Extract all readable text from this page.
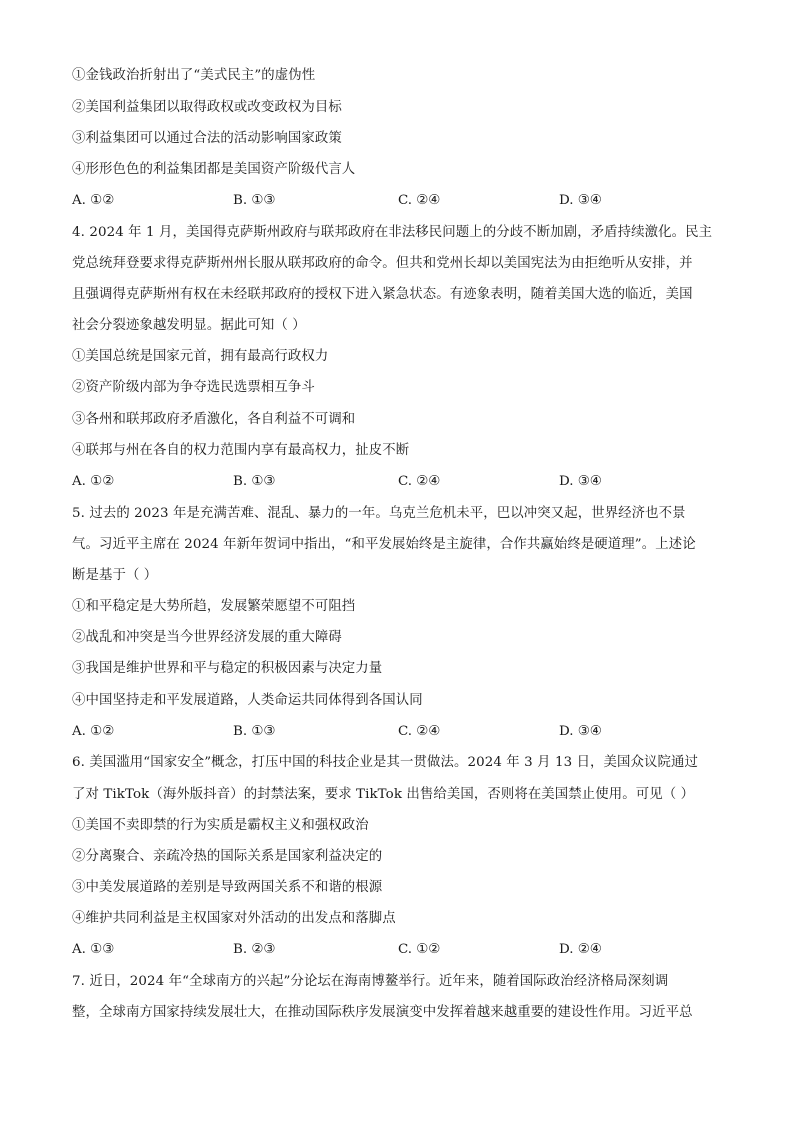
①金钱政治折射出了“美式民主”的虚伪性
②美国利益集团以取得政权或改变政权为目标
③利益集团可以通过合法的活动影响国家政策
④形形色色的利益集团都是美国资产阶级代言人
A. ①②	B. ①③	C. ②④	D. ③④
4. 2024 年 1 月，美国得克萨斯州政府与联邦政府在非法移民问题上的分歧不断加剧，矛盾持续激化。民主
党总统拜登要求得克萨斯州州长服从联邦政府的命令。但共和党州长却以美国宪法为由拒绝听从安排，并
且强调得克萨斯州有权在未经联邦政府的授权下进入紧急状态。有迹象表明，随着美国大选的临近，美国
社会分裂迹象越发明显。据此可知（ ）
①美国总统是国家元首，拥有最高行政权力
②资产阶级内部为争夺选民选票相互争斗
③各州和联邦政府矛盾激化，各自利益不可调和
④联邦与州在各自的权力范围内享有最高权力，扯皮不断
A. ①②	B. ①③	C. ②④	D. ③④
5. 过去的 2023 年是充满苦难、混乱、暴力的一年。乌克兰危机未平，巴以冲突又起，世界经济也不景
气。习近平主席在 2024 年新年贺词中指出，“和平发展始终是主旋律，合作共赢始终是硬道理”。上述论
断是基于（ ）
①和平稳定是大势所趋，发展繁荣愿望不可阻挡
②战乱和冲突是当今世界经济发展的重大障碍
③我国是维护世界和平与稳定的积极因素与决定力量
④中国坚持走和平发展道路，人类命运共同体得到各国认同
A. ①②	B. ①③	C. ②④	D. ③④
6. 美国滥用“国家安全”概念，打压中国的科技企业是其一贯做法。2024 年 3 月 13 日，美国众议院通过
了对 TikTok（海外版抖音）的封禁法案，要求 TikTok 出售给美国，否则将在美国禁止使用。可见（ ）
①美国不卖即禁的行为实质是霸权主义和强权政治
②分离聚合、亲疏冷热的国际关系是国家利益决定的
③中美发展道路的差别是导致两国关系不和谐的根源
④维护共同利益是主权国家对外活动的出发点和落脚点
A. ①③	B. ②③	C. ①②	D. ②④
7. 近日，2024 年“全球南方的兴起”分论坛在海南博鳌举行。近年来，随着国际政治经济格局深刻调
整，全球南方国家持续发展壮大，在推动国际秩序发展演变中发挥着越来越重要的建设性作用。习近平总
